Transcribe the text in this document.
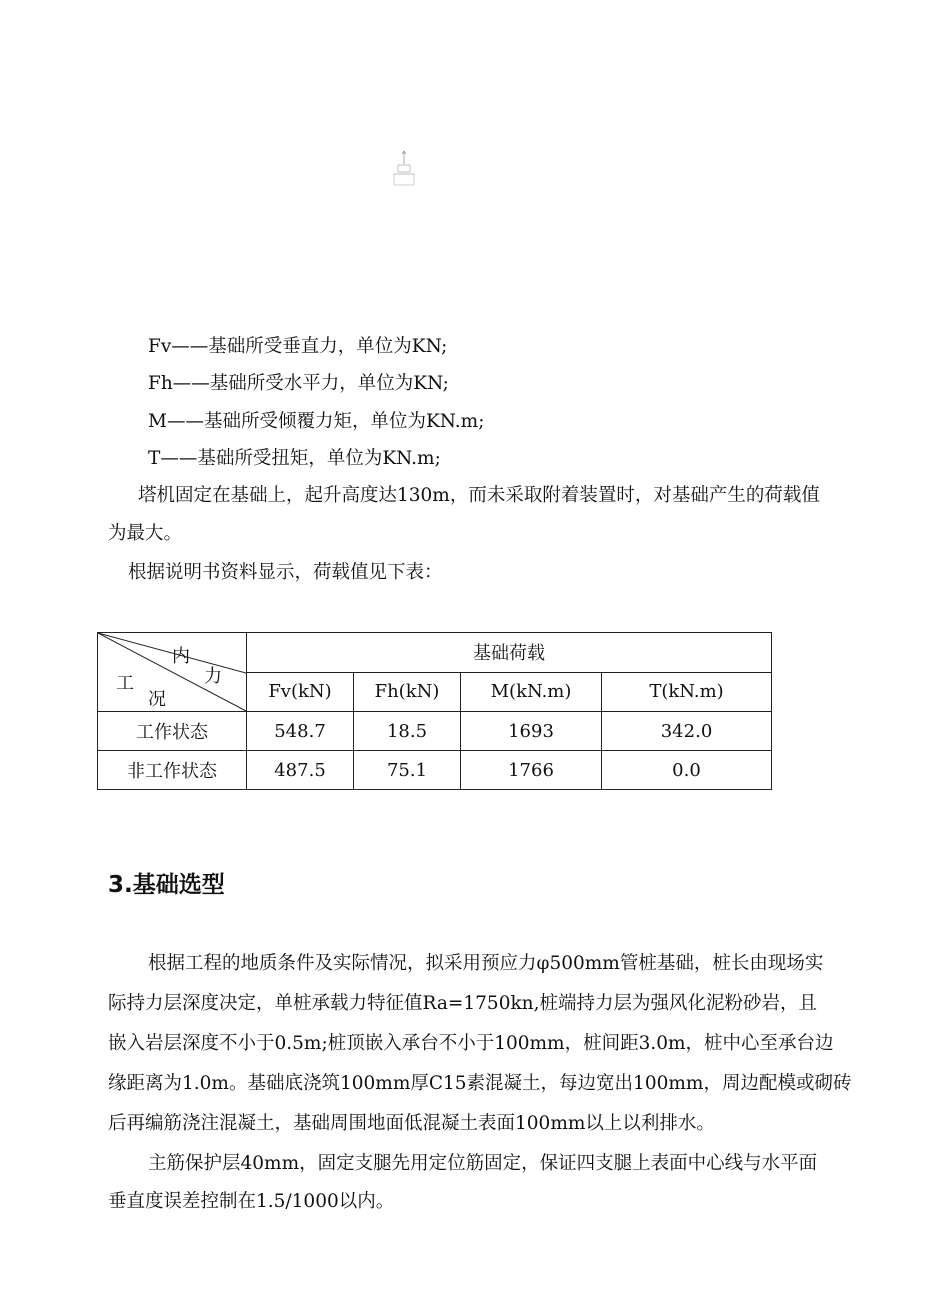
Fv——基础所受垂直力，单位为KN;
Fh——基础所受水平力，单位为KN;
M——基础所受倾覆力矩，单位为KN.m;
T——基础所受扭矩，单位为KN.m;
塔机固定在基础上，起升高度达130m，而未采取附着装置时，对基础产生的荷载值
为最大。
根据说明书资料显示，荷载值见下表：
内
力
工
况	基础荷载			
	Fv(kN)	Fh(kN)	M(kN.m)	T(kN.m)
工作状态	548.7	18.5	1693	342.0
非工作状态	487.5	75.1	1766	0.0
3.基础选型
根据工程的地质条件及实际情况，拟采用预应力φ500mm管桩基础，桩长由现场实
际持力层深度决定，单桩承载力特征值Ra=1750kn,桩端持力层为强风化泥粉砂岩，且
嵌入岩层深度不小于0.5m;桩顶嵌入承台不小于100mm，桩间距3.0m，桩中心至承台边
缘距离为1.0m。基础底浇筑100mm厚C15素混凝土，每边宽出100mm，周边配模或砌砖
后再编筋浇注混凝土，基础周围地面低混凝土表面100mm以上以利排水。
主筋保护层40mm，固定支腿先用定位筋固定，保证四支腿上表面中心线与水平面
垂直度误差控制在1.5/1000以内。
